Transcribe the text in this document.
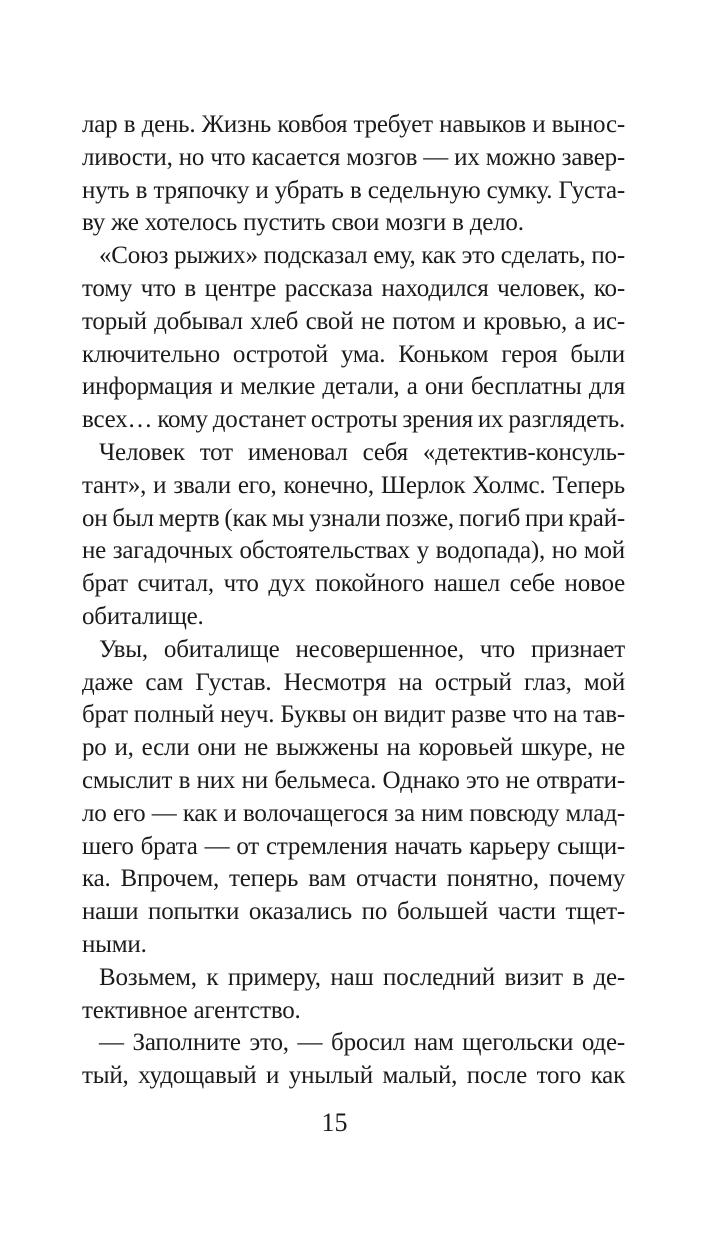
лар в день. Жизнь ковбоя требует навыков и вынос-
ливости, но что касается мозгов — их можно завер-
нуть в тряпочку и убрать в седельную сумку. Густа-
ву же хотелось пустить свои мозги в дело.
«Союз рыжих» подсказал ему, как это сделать, по-
тому что в центре рассказа находился человек, ко-
торый добывал хлеб свой не потом и кровью, а ис-
ключительно остротой ума. Коньком героя были
информация и мелкие детали, а они бесплатны для
всех… кому достанет остроты зрения их разглядеть.
Человек тот именовал себя «детектив-консуль-
тант», и звали его, конечно, Шерлок Холмс. Теперь
он был мертв (как мы узнали позже, погиб при край-
не загадочных обстоятельствах у водопада), но мой
брат считал, что дух покойного нашел себе новое
обиталище.
Увы, обиталище несовершенное, что признает
даже сам Густав. Несмотря на острый глаз, мой
брат полный неуч. Буквы он видит разве что на тав-
ро и, если они не выжжены на коровьей шкуре, не
смыслит в них ни бельмеса. Однако это не отврати-
ло его — как и волочащегося за ним повсюду млад-
шего брата — от стремления начать карьеру сыщи-
ка. Впрочем, теперь вам отчасти понятно, почему
наши попытки оказались по большей части тщет-
ными.
Возьмем, к примеру, наш последний визит в де-
тективное агентство.
— Заполните это, — бросил нам щегольски оде-
тый, худощавый и унылый малый, после того как
15
